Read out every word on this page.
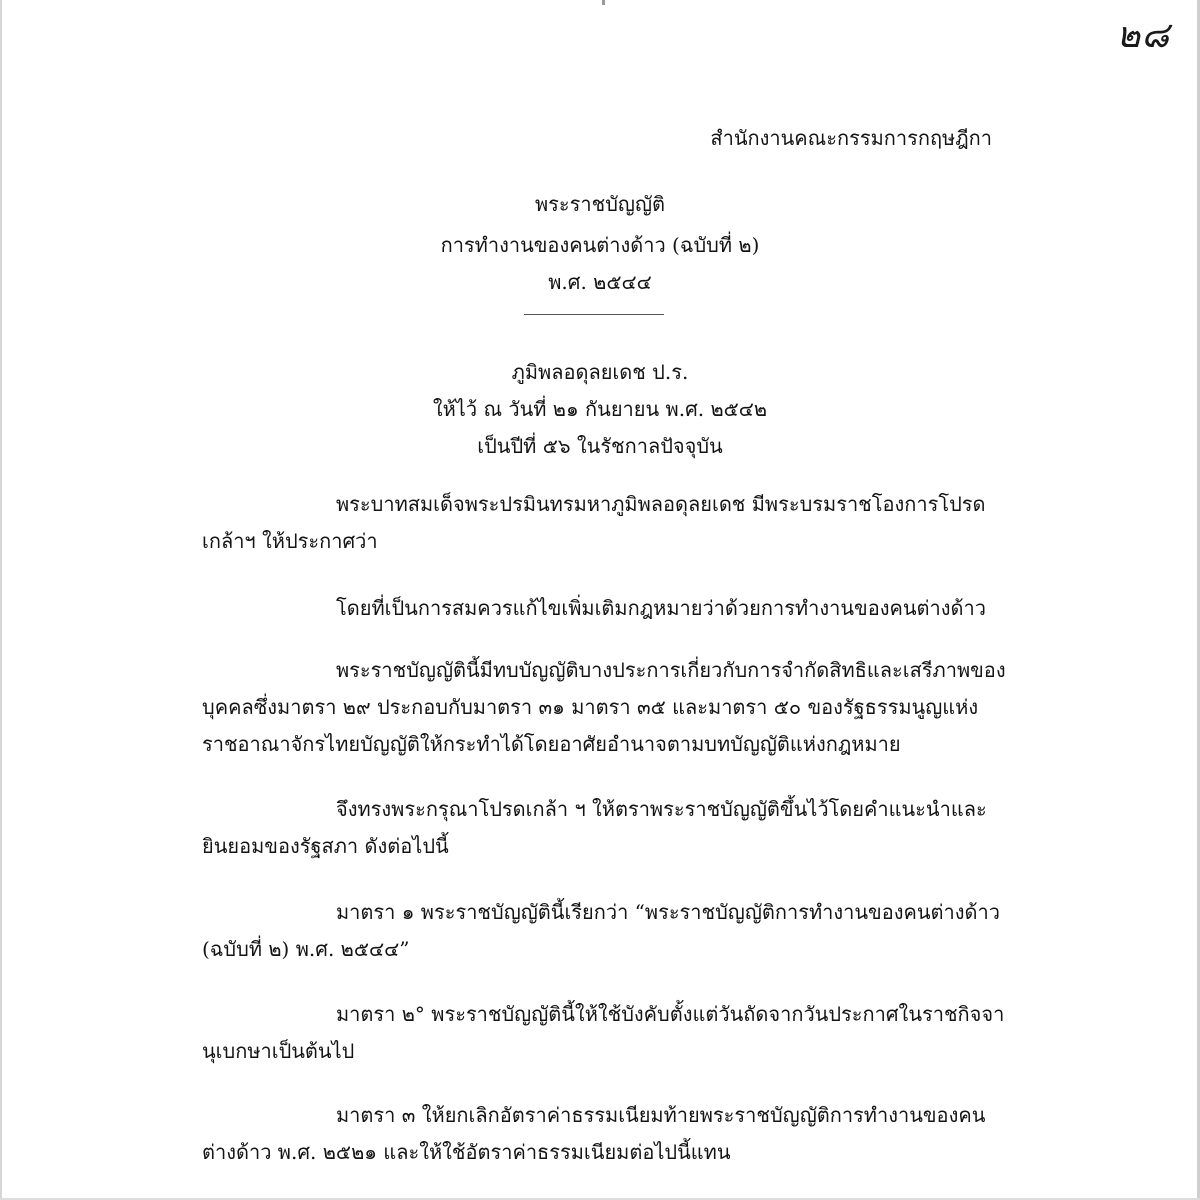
๒๘
สำนักงานคณะกรรมการกฤษฎีกา
พระราชบัญญัติ
การทำงานของคนต่างด้าว (ฉบับที่ ๒)
พ.ศ. ๒๕๔๔
ภูมิพลอดุลยเดช ป.ร.
ให้ไว้ ณ วันที่ ๒๑ กันยายน พ.ศ. ๒๕๔๒
เป็นปีที่ ๕๖ ในรัชกาลปัจจุบัน
พระบาทสมเด็จพระปรมินทรมหาภูมิพลอดุลยเดช มีพระบรมราชโองการโปรด
เกล้าฯ ให้ประกาศว่า
โดยที่เป็นการสมควรแก้ไขเพิ่มเติมกฎหมายว่าด้วยการทำงานของคนต่างด้าว
พระราชบัญญัตินี้มีทบบัญญัติบางประการเกี่ยวกับการจำกัดสิทธิและเสรีภาพของ
บุคคลซึ่งมาตรา ๒๙ ประกอบกับมาตรา ๓๑ มาตรา ๓๕ และมาตรา ๕๐ ของรัฐธรรมนูญแห่ง
ราชอาณาจักรไทยบัญญัติให้กระทำได้โดยอาศัยอำนาจตามบทบัญญัติแห่งกฎหมาย
จึงทรงพระกรุณาโปรดเกล้า ฯ ให้ตราพระราชบัญญัติขึ้นไว้โดยคำแนะนำและ
ยินยอมของรัฐสภา ดังต่อไปนี้
มาตรา ๑ พระราชบัญญัตินี้เรียกว่า “พระราชบัญญัติการทำงานของคนต่างด้าว
(ฉบับที่ ๒) พ.ศ. ๒๕๔๔”
มาตรา ๒° พระราชบัญญัตินี้ให้ใช้บังคับตั้งแต่วันถัดจากวันประกาศในราชกิจจา
นุเบกษาเป็นต้นไป
มาตรา ๓ ให้ยกเลิกอัตราค่าธรรมเนียมท้ายพระราชบัญญัติการทำงานของคน
ต่างด้าว พ.ศ. ๒๕๒๑ และให้ใช้อัตราค่าธรรมเนียมต่อไปนี้แทน
